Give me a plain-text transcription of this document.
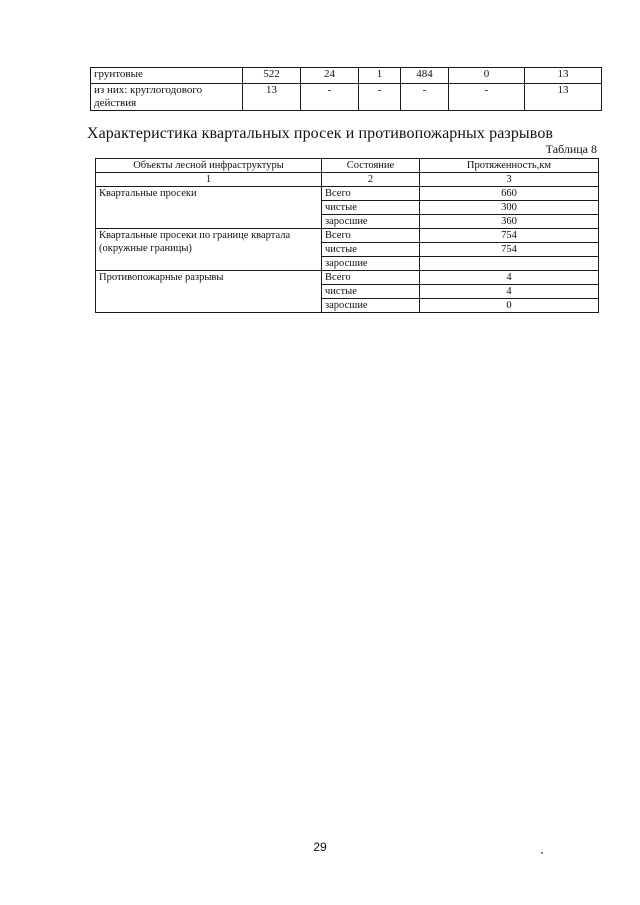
грунтовые	522	24	1	484	0	13
из них: круглогодового действия	13	-	-	-	-	13
Характеристика квартальных просек и противопожарных разрывов
Таблица 8
Объекты лесной инфраструктуры	Состояние	Протяженность,км
1	2	3
Квартальные просеки	Всего	660
	чистые	300
	заросшие	360
Квартальные просеки по границе квартала (окружные границы)	Всего	754
	чистые	754
	заросшие	
Противопожарные разрывы	Всего	4
	чистые	4
	заросшие	0
29
